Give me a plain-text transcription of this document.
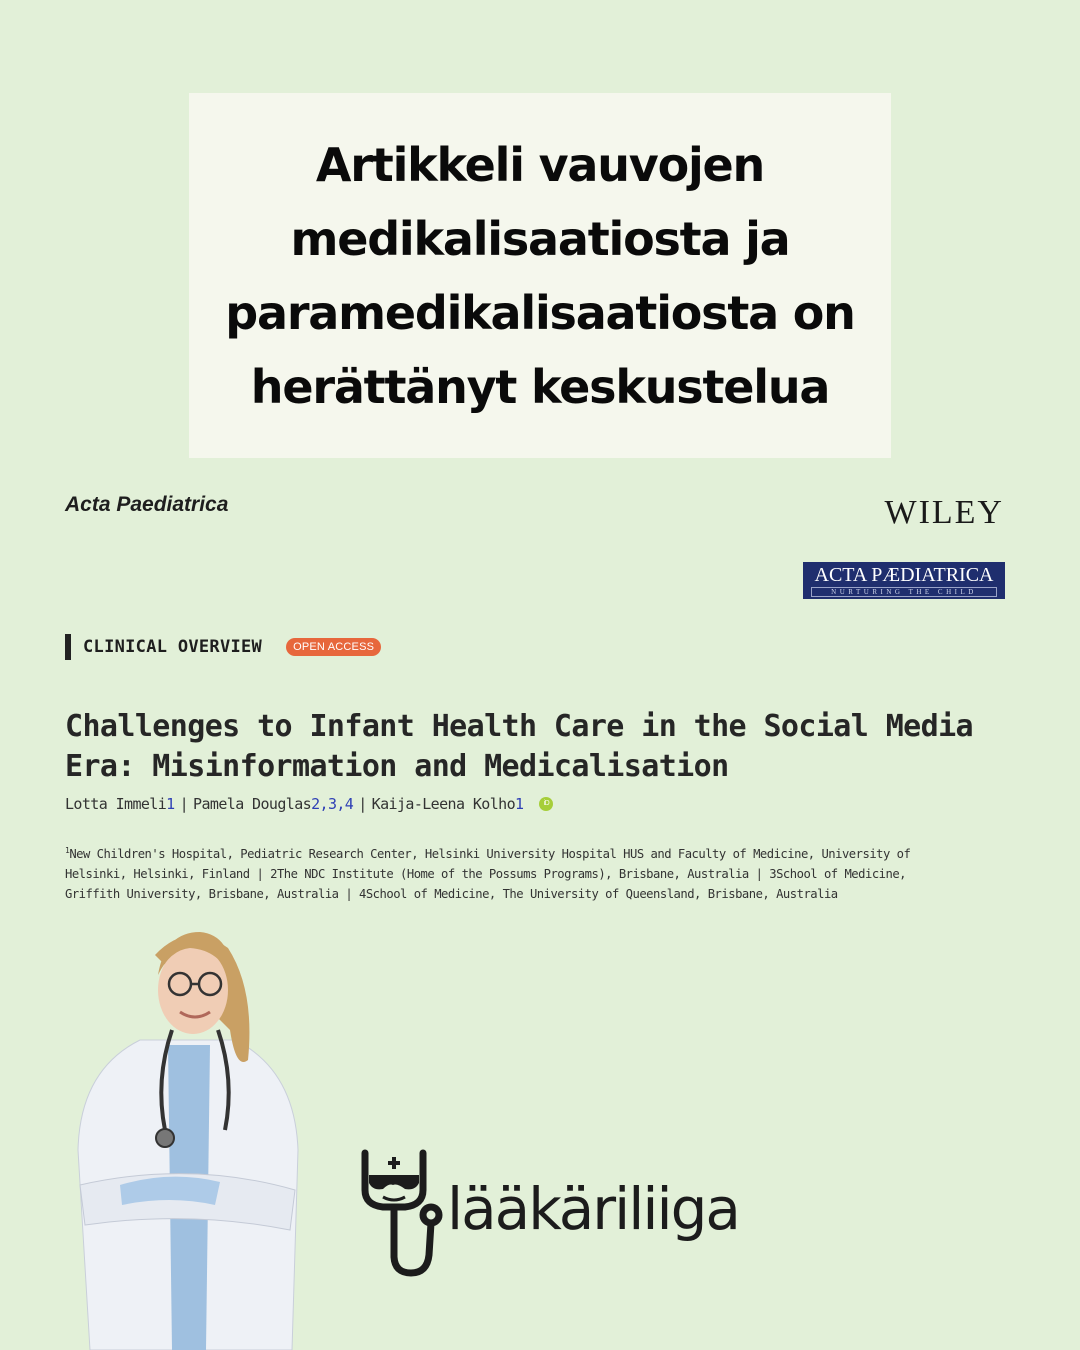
Artikkeli vauvojen
medikalisaatiosta ja
paramedikalisaatiosta on
herättänyt keskustelua
Acta Paediatrica	WILEY
ACTA PÆDIATRICA
NURTURING THE CHILD
CLINICAL OVERVIEW	OPEN ACCESS
Challenges to Infant Health Care in the Social Media Era: Misinformation and Medicalisation
Lotta Immeli 1 | Pamela Douglas 2,3,4 | Kaija-Leena Kolho 1	iD

$^1$New Children's Hospital, Pediatric Research Center, Helsinki University Hospital HUS and Faculty of Medicine, University of Helsinki, Helsinki, Finland | 2The NDC Institute (Home of the Possums Programs), Brisbane, Australia | 3School of Medicine, Griffith University, Brisbane, Australia | 4School of Medicine, The University of Queensland, Brisbane, Australia

lääkäriliiga
